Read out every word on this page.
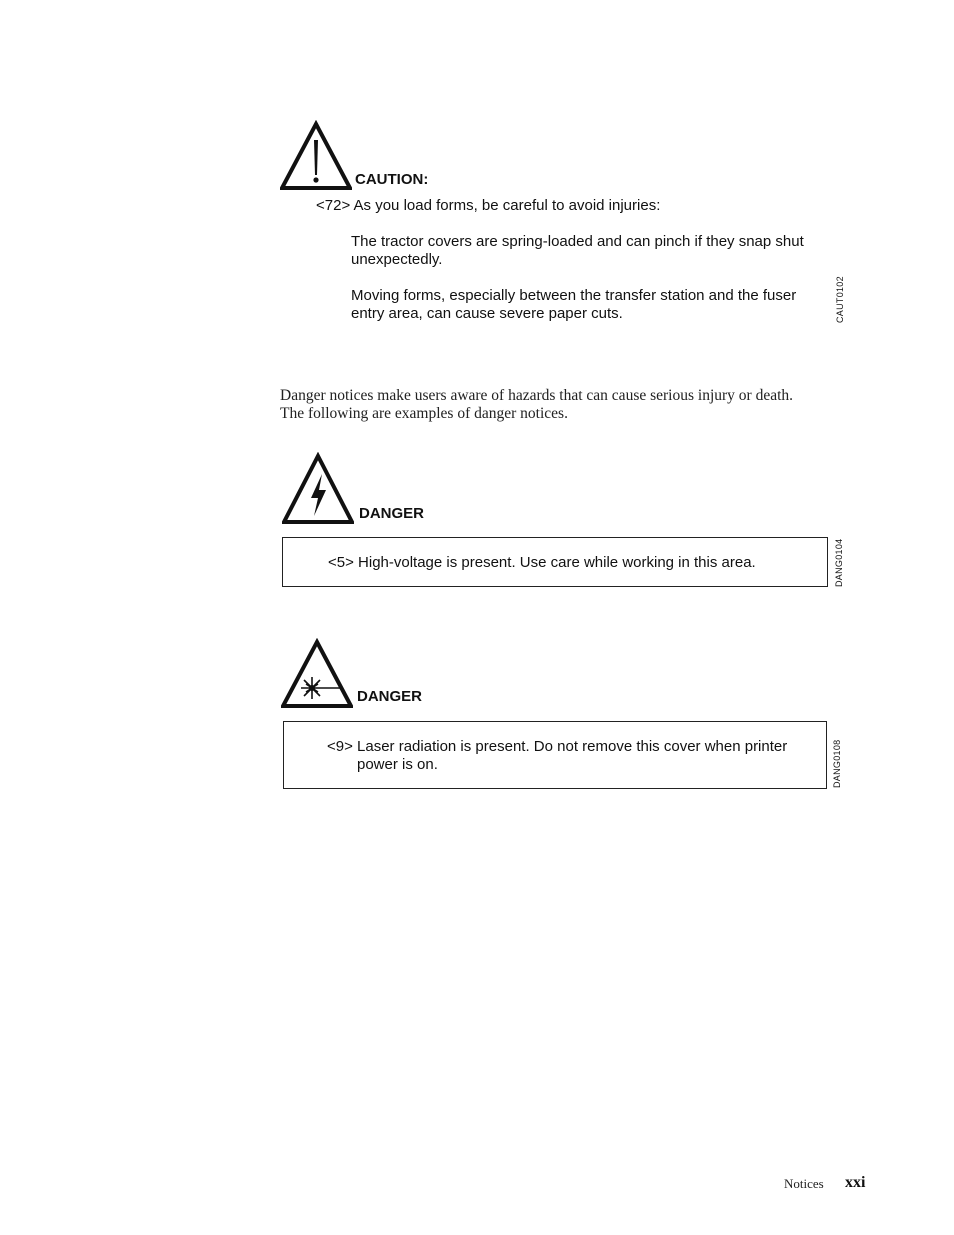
CAUTION:
<72> As you load forms, be careful to avoid injuries:
The tractor covers are spring-loaded and can pinch if they snap shut
unexpectedly.
Moving forms, especially between the transfer station and the fuser
entry area, can cause severe paper cuts.	CAUT0102
Danger notices make users aware of hazards that can cause serious injury or death.
The following are examples of danger notices.
DANGER
<5> High-voltage is present. Use care while working in this area.	DANG0104
DANGER
<9> Laser radiation is present. Do not remove this cover when printer
power is on.	DANG0108
Notices xxi
